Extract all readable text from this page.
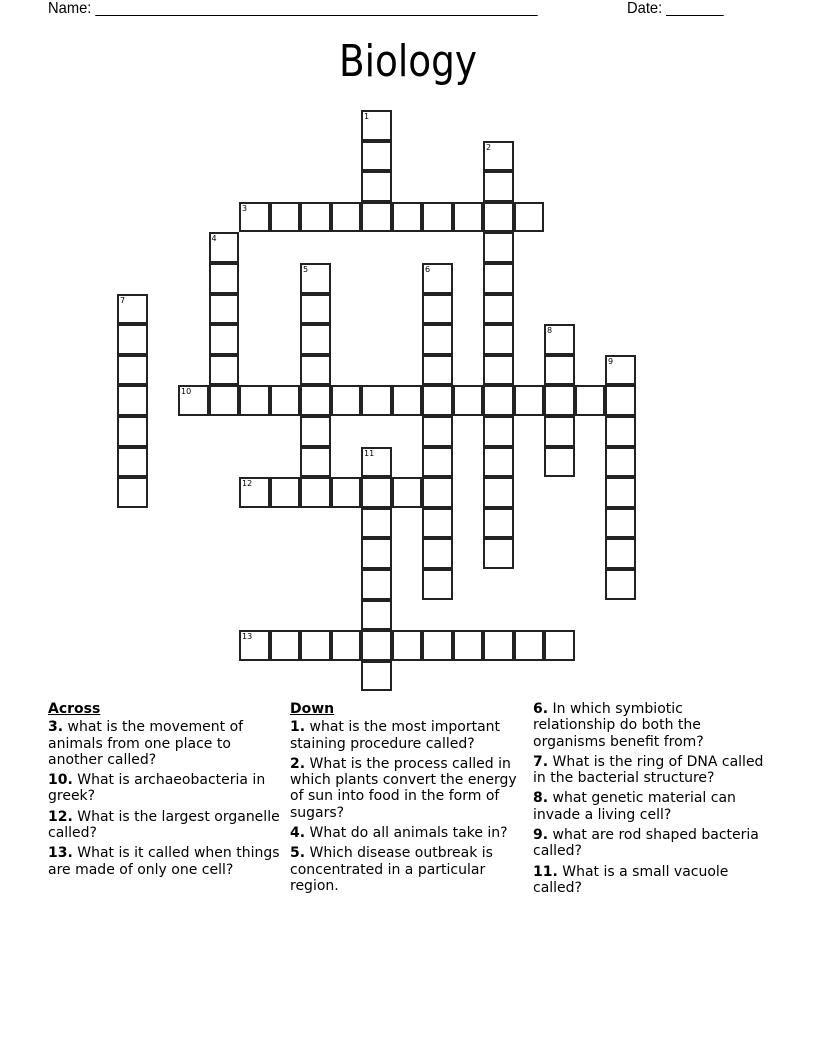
Name: ______________________________________________________	Date: _______
Biology
1
2
3
4
5	6
7
8
9
10
11
12
13
Across
3. what is the movement of animals from one place to another called?
10. What is archaeobacteria in greek?
12. What is the largest organelle called?
13. What is it called when things are made of only one cell?
Down
1. what is the most important staining procedure called?
2. What is the process called in which plants convert the energy of sun into food in the form of sugars?
4. What do all animals take in?
5. Which disease outbreak is concentrated in a particular region.
6. In which symbiotic relationship do both the organisms benefit from?
7. What is the ring of DNA called in the bacterial structure?
8. what genetic material can invade a living cell?
9. what are rod shaped bacteria called?
11. What is a small vacuole called?
